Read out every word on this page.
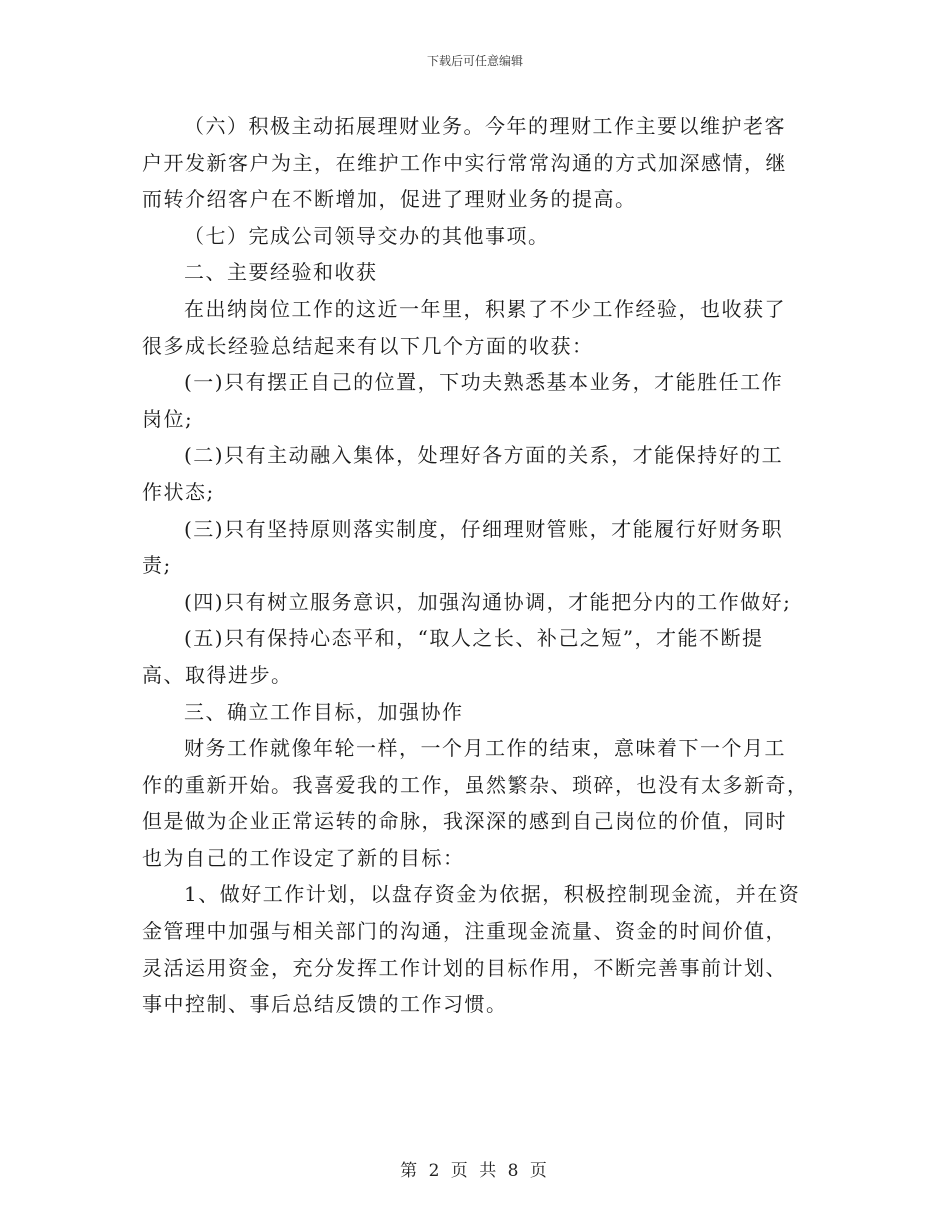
下载后可任意编辑
（六）积极主动拓展理财业务。今年的理财工作主要以维护老客
户开发新客户为主，在维护工作中实行常常沟通的方式加深感情，继
而转介绍客户在不断增加，促进了理财业务的提高。
（七）完成公司领导交办的其他事项。
二、主要经验和收获
在出纳岗位工作的这近一年里，积累了不少工作经验，也收获了
很多成长经验总结起来有以下几个方面的收获：
(一)只有摆正自己的位置，下功夫熟悉基本业务，才能胜任工作
岗位;
(二)只有主动融入集体，处理好各方面的关系，才能保持好的工
作状态;
(三)只有坚持原则落实制度，仔细理财管账，才能履行好财务职
责;
(四)只有树立服务意识，加强沟通协调，才能把分内的工作做好;
(五)只有保持心态平和，“取人之长、补己之短”，才能不断提
高、取得进步。
三、确立工作目标，加强协作
财务工作就像年轮一样，一个月工作的结束，意味着下一个月工
作的重新开始。我喜爱我的工作，虽然繁杂、琐碎，也没有太多新奇，
但是做为企业正常运转的命脉，我深深的感到自己岗位的价值，同时
也为自己的工作设定了新的目标：
1、做好工作计划，以盘存资金为依据，积极控制现金流，并在资
金管理中加强与相关部门的沟通，注重现金流量、资金的时间价值，
灵活运用资金，充分发挥工作计划的目标作用，不断完善事前计划、
事中控制、事后总结反馈的工作习惯。
第 2 页 共 8 页
